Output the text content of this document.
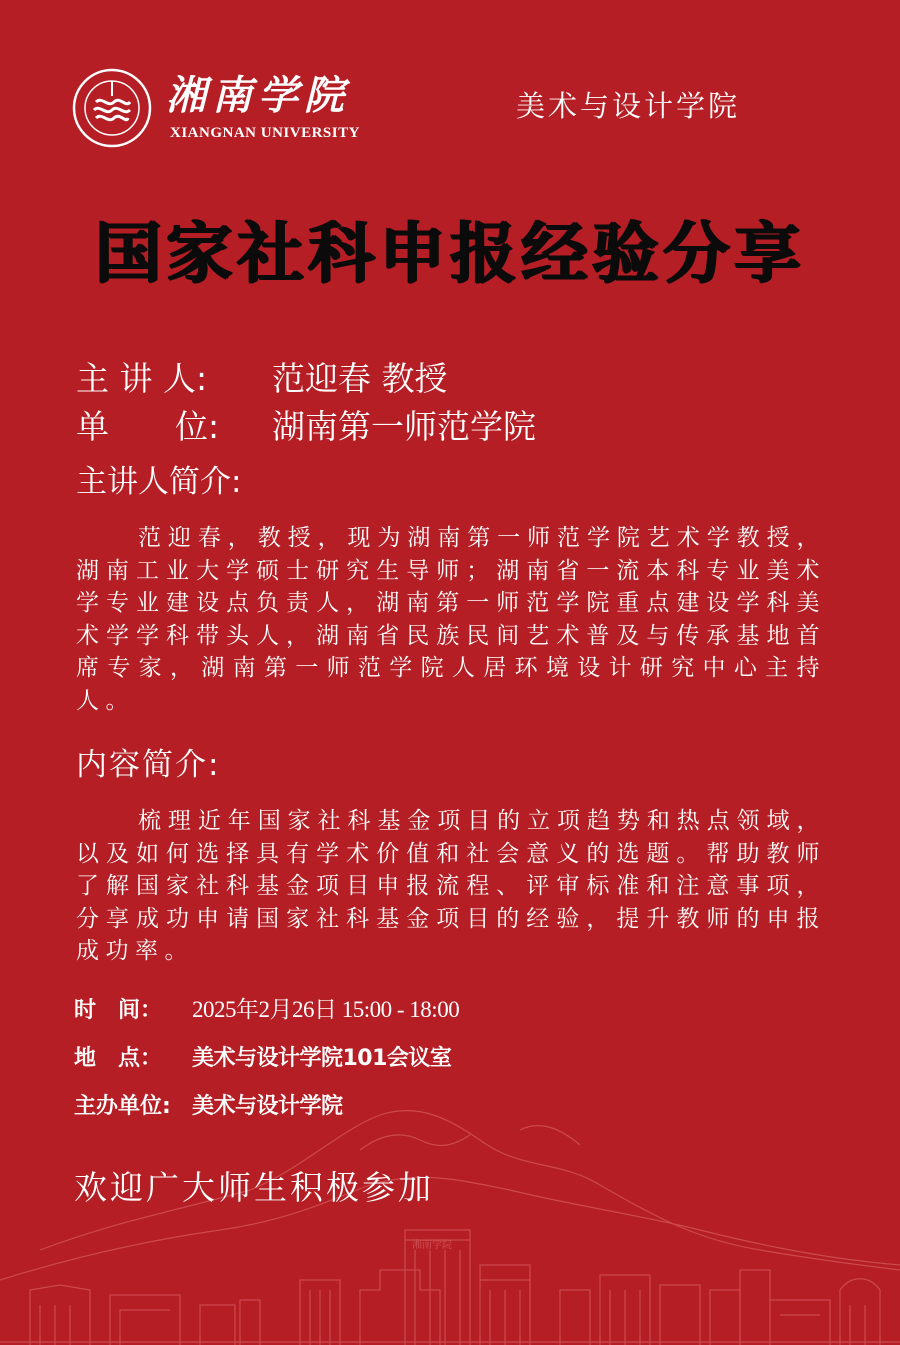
湘南学院
湘南学院
XIANGNAN UNIVERSITY
美术与设计学院
国家社科申报经验分享
主 讲 人: 范迎春 教授
单　　位: 湖南第一师范学院
主讲人简介:
范迎春，教授，现为湖南第一师范学院艺术学教授，湖南工业大学硕士研究生导师；湖南省一流本科专业美术学专业建设点负责人，湖南第一师范学院重点建设学科美术学学科带头人，湖南省民族民间艺术普及与传承基地首席专家，湖南第一师范学院人居环境设计研究中心主持人。
内容简介:
梳理近年国家社科基金项目的立项趋势和热点领域，以及如何选择具有学术价值和社会意义的选题。帮助教师了解国家社科基金项目申报流程、评审标准和注意事项，分享成功申请国家社科基金项目的经验，提升教师的申报成功率。
时　间： 2025年2月26日 15:00 - 18:00
地　点： 美术与设计学院101会议室
主办单位: 美术与设计学院
欢迎广大师生积极参加
